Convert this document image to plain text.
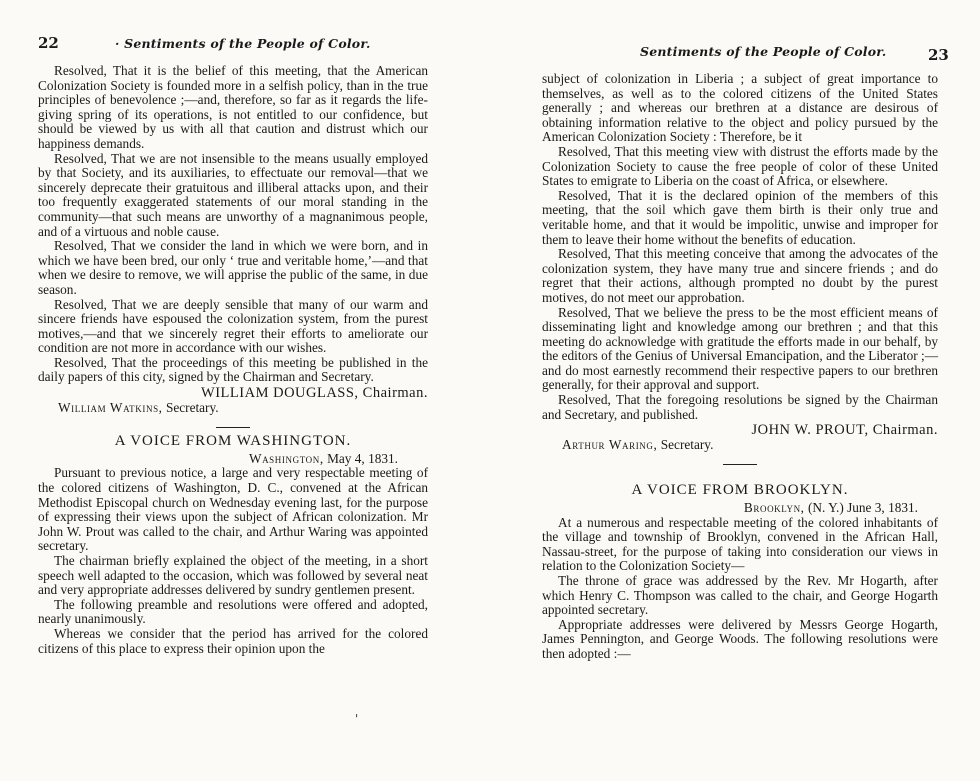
22	· Sentiments of the People of Color.

Resolved, That it is the belief of this meeting, that the American Colonization Society is founded more in a selfish policy, than in the true principles of benevolence ;—and, therefore, so far as it regards the life-giving spring of its operations, is not entitled to our confidence, but should be viewed by us with all that caution and distrust which our happiness demands.

Resolved, That we are not insensible to the means usually employed by that Society, and its auxiliaries, to effectuate our removal—that we sincerely deprecate their gratuitous and illiberal attacks upon, and their too frequently exaggerated statements of our moral standing in the community—that such means are unworthy of a magnanimous people, and of a virtuous and noble cause.

Resolved, That we consider the land in which we were born, and in which we have been bred, our only ‘ true and veritable home,’—and that when we desire to remove, we will apprise the public of the same, in due season.

Resolved, That we are deeply sensible that many of our warm and sincere friends have espoused the colonization system, from the purest motives,—and that we sincerely regret their efforts to ameliorate our condition are not more in accordance with our wishes.

Resolved, That the proceedings of this meeting be published in the daily papers of this city, signed by the Chairman and Secretary.

WILLIAM DOUGLASS, Chairman.
William Watkins, Secretary.
A VOICE FROM WASHINGTON.
Washington, May 4, 1831.

Pursuant to previous notice, a large and very respectable meeting of the colored citizens of Washington, D. C., convened at the African Methodist Episcopal church on Wednesday evening last, for the purpose of expressing their views upon the subject of African colonization. Mr John W. Prout was called to the chair, and Arthur Waring was appointed secretary.

The chairman briefly explained the object of the meeting, in a short speech well adapted to the occasion, which was followed by several neat and very appropriate addresses delivered by sundry gentlemen present.

The following preamble and resolutions were offered and adopted, nearly unanimously.

Whereas we consider that the period has arrived for the colored citizens of this place to express their opinion upon the

'
Sentiments of the People of Color.	23

subject of colonization in Liberia ; a subject of great importance to themselves, as well as to the colored citizens of the United States generally ; and whereas our brethren at a distance are desirous of obtaining information relative to the object and policy pursued by the American Colonization Society : Therefore, be it

Resolved, That this meeting view with distrust the efforts made by the Colonization Society to cause the free people of color of these United States to emigrate to Liberia on the coast of Africa, or elsewhere.

Resolved, That it is the declared opinion of the members of this meeting, that the soil which gave them birth is their only true and veritable home, and that it would be impolitic, unwise and improper for them to leave their home without the benefits of education.

Resolved, That this meeting conceive that among the advocates of the colonization system, they have many true and sincere friends ; and do regret that their actions, although prompted no doubt by the purest motives, do not meet our approbation.

Resolved, That we believe the press to be the most efficient means of disseminating light and knowledge among our brethren ; and that this meeting do acknowledge with gratitude the efforts made in our behalf, by the editors of the Genius of Universal Emancipation, and the Liberator ;—and do most earnestly recommend their respective papers to our brethren generally, for their approval and support.

Resolved, That the foregoing resolutions be signed by the Chairman and Secretary, and published.

JOHN W. PROUT, Chairman.
Arthur Waring, Secretary.
A VOICE FROM BROOKLYN.
Brooklyn, (N. Y.) June 3, 1831.

At a numerous and respectable meeting of the colored inhabitants of the village and township of Brooklyn, convened in the African Hall, Nassau-street, for the purpose of taking into consideration our views in relation to the Colonization Society—

The throne of grace was addressed by the Rev. Mr Hogarth, after which Henry C. Thompson was called to the chair, and George Hogarth appointed secretary.

Appropriate addresses were delivered by Messrs George Hogarth, James Pennington, and George Woods. The following resolutions were then adopted :—
